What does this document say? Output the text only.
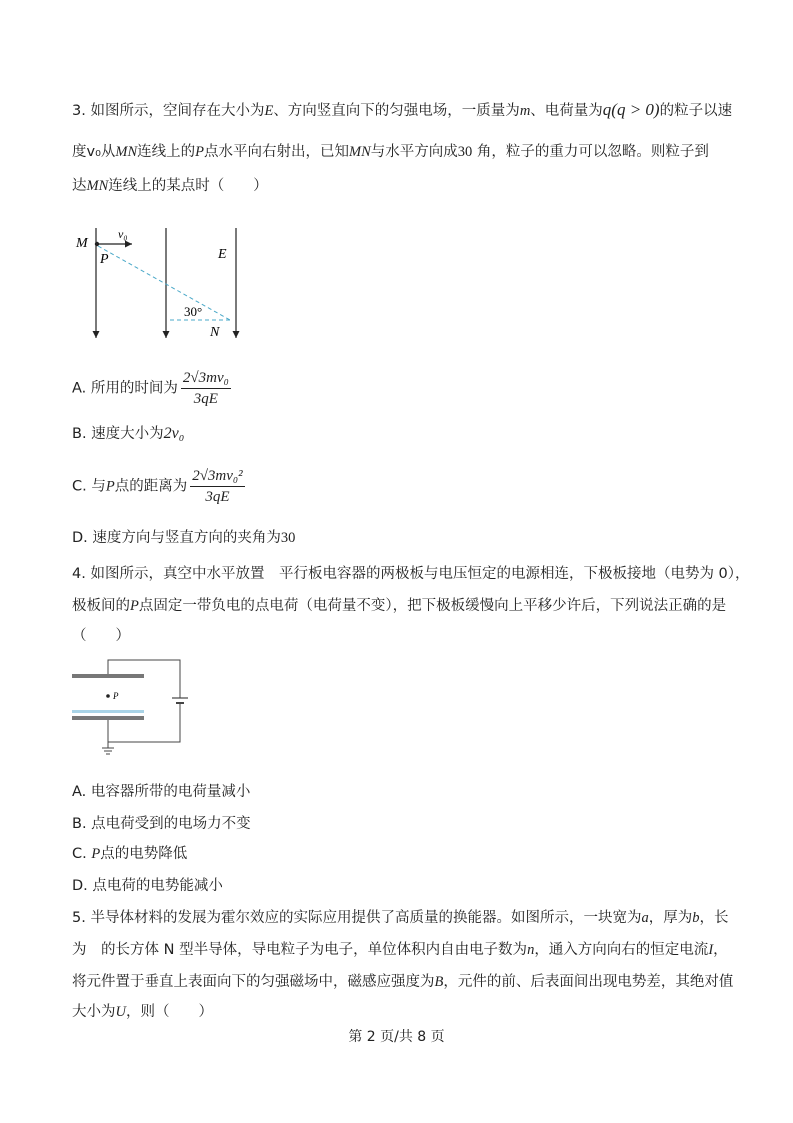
3. 如图所示，空间存在大小为E、方向竖直向下的匀强电场，一质量为m、电荷量为q(q > 0)的粒子以速
度v₀从MN连线上的P点水平向右射出，已知MN与水平方向成30 角，粒子的重力可以忽略。则粒子到
达MN连线上的某点时（　　）
M
v₀
P	E
30°
N
A. 所用的时间为 $\frac{\text{2√3mv₀}}{3qE}$
B. 速度大小为2v₀
C. 与P点的距离为 $\frac{\text{2√3mv₀²}}{3qE}$
D. 速度方向与竖直方向的夹角为30
4. 如图所示，真空中水平放置　平行板电容器的两极板与电压恒定的电源相连，下极板接地（电势为 0），
极板间的P点固定一带负电的点电荷（电荷量不变），把下极板缓慢向上平移少许后，下列说法正确的是
（　　）
P
A. 电容器所带的电荷量减小
B. 点电荷受到的电场力不变
C. P点的电势降低
D. 点电荷的电势能减小
5. 半导体材料的发展为霍尔效应的实际应用提供了高质量的换能器。如图所示，一块宽为a，厚为b，长
为　的长方体 N 型半导体，导电粒子为电子，单位体积内自由电子数为n，通入方向向右的恒定电流I，
将元件置于垂直上表面向下的匀强磁场中，磁感应强度为B，元件的前、后表面间出现电势差，其绝对值
大小为U，则（　　）
第 2 页/共 8 页
